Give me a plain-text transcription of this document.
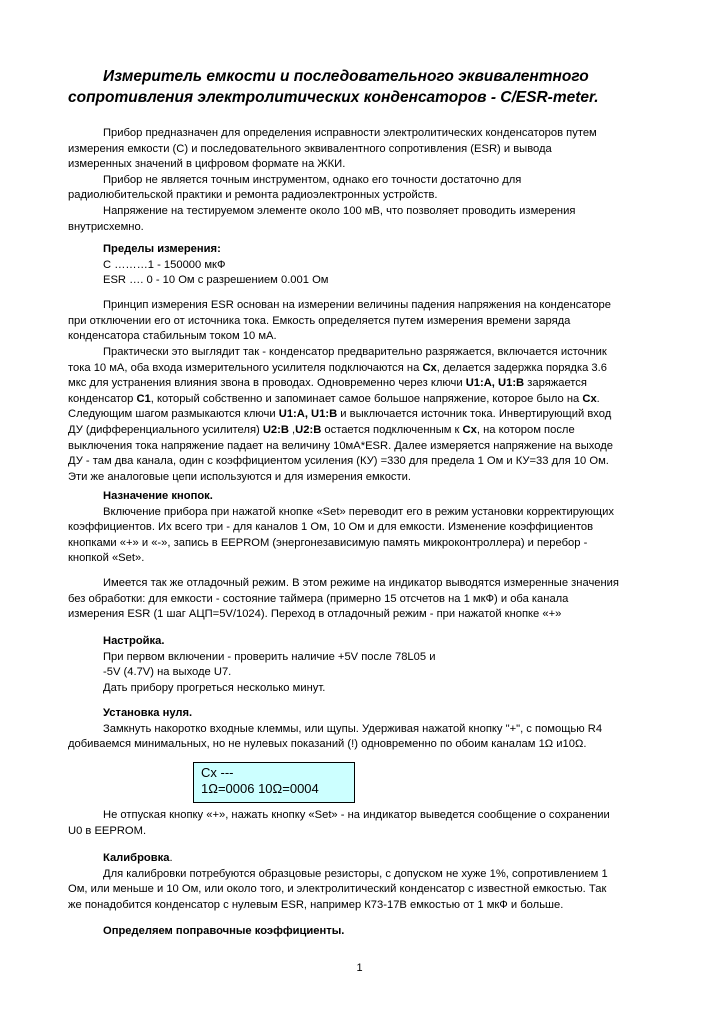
Измеритель емкости и последовательного эквивалентного
сопротивления электролитических конденсаторов - C/ESR-meter.
Прибор предназначен для определения исправности электролитических конденсаторов путем
измерения емкости (С) и последовательного эквивалентного сопротивления (ESR) и вывода
измеренных значений в цифровом формате на ЖКИ.
Прибор не является точным инструментом, однако его точности достаточно для
радиолюбительской практики и ремонта радиоэлектронных устройств.
Напряжение на тестируемом элементе около 100 мВ, что позволяет проводить измерения
внутрисхемно.
Пределы измерения:
С ………1 - 150000 мкФ
ESR …. 0 - 10 Ом с разрешением 0.001 Ом
Принцип измерения ESR основан на измерении величины падения напряжения на конденсаторе
при отключении его от источника тока. Емкость определяется путем измерения времени заряда
конденсатора стабильным током 10 мА.
Практически это выглядит так - конденсатор предварительно разряжается, включается источник
тока 10 мА, оба входа измерительного усилителя подключаются на Cx, делается задержка порядка 3.6
мкс для устранения влияния звона в проводах. Одновременно через ключи U1:A, U1:B заряжается
конденсатор C1, который собственно и запоминает самое большое напряжение, которое было на Cx.
Следующим шагом размыкаются ключи U1:A, U1:B и выключается источник тока. Инвертирующий вход
ДУ (дифференциального усилителя) U2:B ,U2:B остается подключенным к Cx, на котором после
выключения тока напряжение падает на величину 10мА*ESR. Далее измеряется напряжение на выходе
ДУ - там два канала, один с коэффициентом усиления (КУ) =330 для предела 1 Ом и КУ=33 для 10 Ом.
Эти же аналоговые цепи используются и для измерения емкости.
Назначение кнопок.
Включение прибора при нажатой кнопке «Set» переводит его в режим установки корректирующих
коэффициентов. Их всего три - для каналов 1 Ом, 10 Ом и для емкости. Изменение коэффициентов
кнопками «+» и «-», запись в EEPROM (энергонезависимую память микроконтроллера) и перебор -
кнопкой «Set».
Имеется так же отладочный режим. В этом режиме на индикатор выводятся измеренные значения
без обработки: для емкости - состояние таймера (примерно 15 отсчетов на 1 мкФ) и оба канала
измерения ESR (1 шаг АЦП=5V/1024). Переход в отладочный режим - при нажатой кнопке «+»
Настройка.
При первом включении - проверить наличие +5V после 78L05 и
-5V (4.7V) на выходе U7.
Дать прибору прогреться несколько минут.
Установка нуля.
Замкнуть накоротко входные клеммы, или щупы. Удерживая нажатой кнопку "+", с помощью R4
добиваемся минимальных, но не нулевых показаний (!) одновременно по обоим каналам 1Ω и10Ω.
Cx ---
1Ω=0006 10Ω=0004
Не отпуская кнопку «+», нажать кнопку «Set» - на индикатор выведется сообщение о сохранении
U0 в EEPROM.
Калибровка.
Для калибровки потребуются образцовые резисторы, с допуском не хуже 1%, сопротивлением 1
Ом, или меньше и 10 Ом, или около того, и электролитический конденсатор с известной емкостью. Так
же понадобится конденсатор с нулевым ESR, например К73-17В емкостью от 1 мкФ и больше.
Определяем поправочные коэффициенты.
1
